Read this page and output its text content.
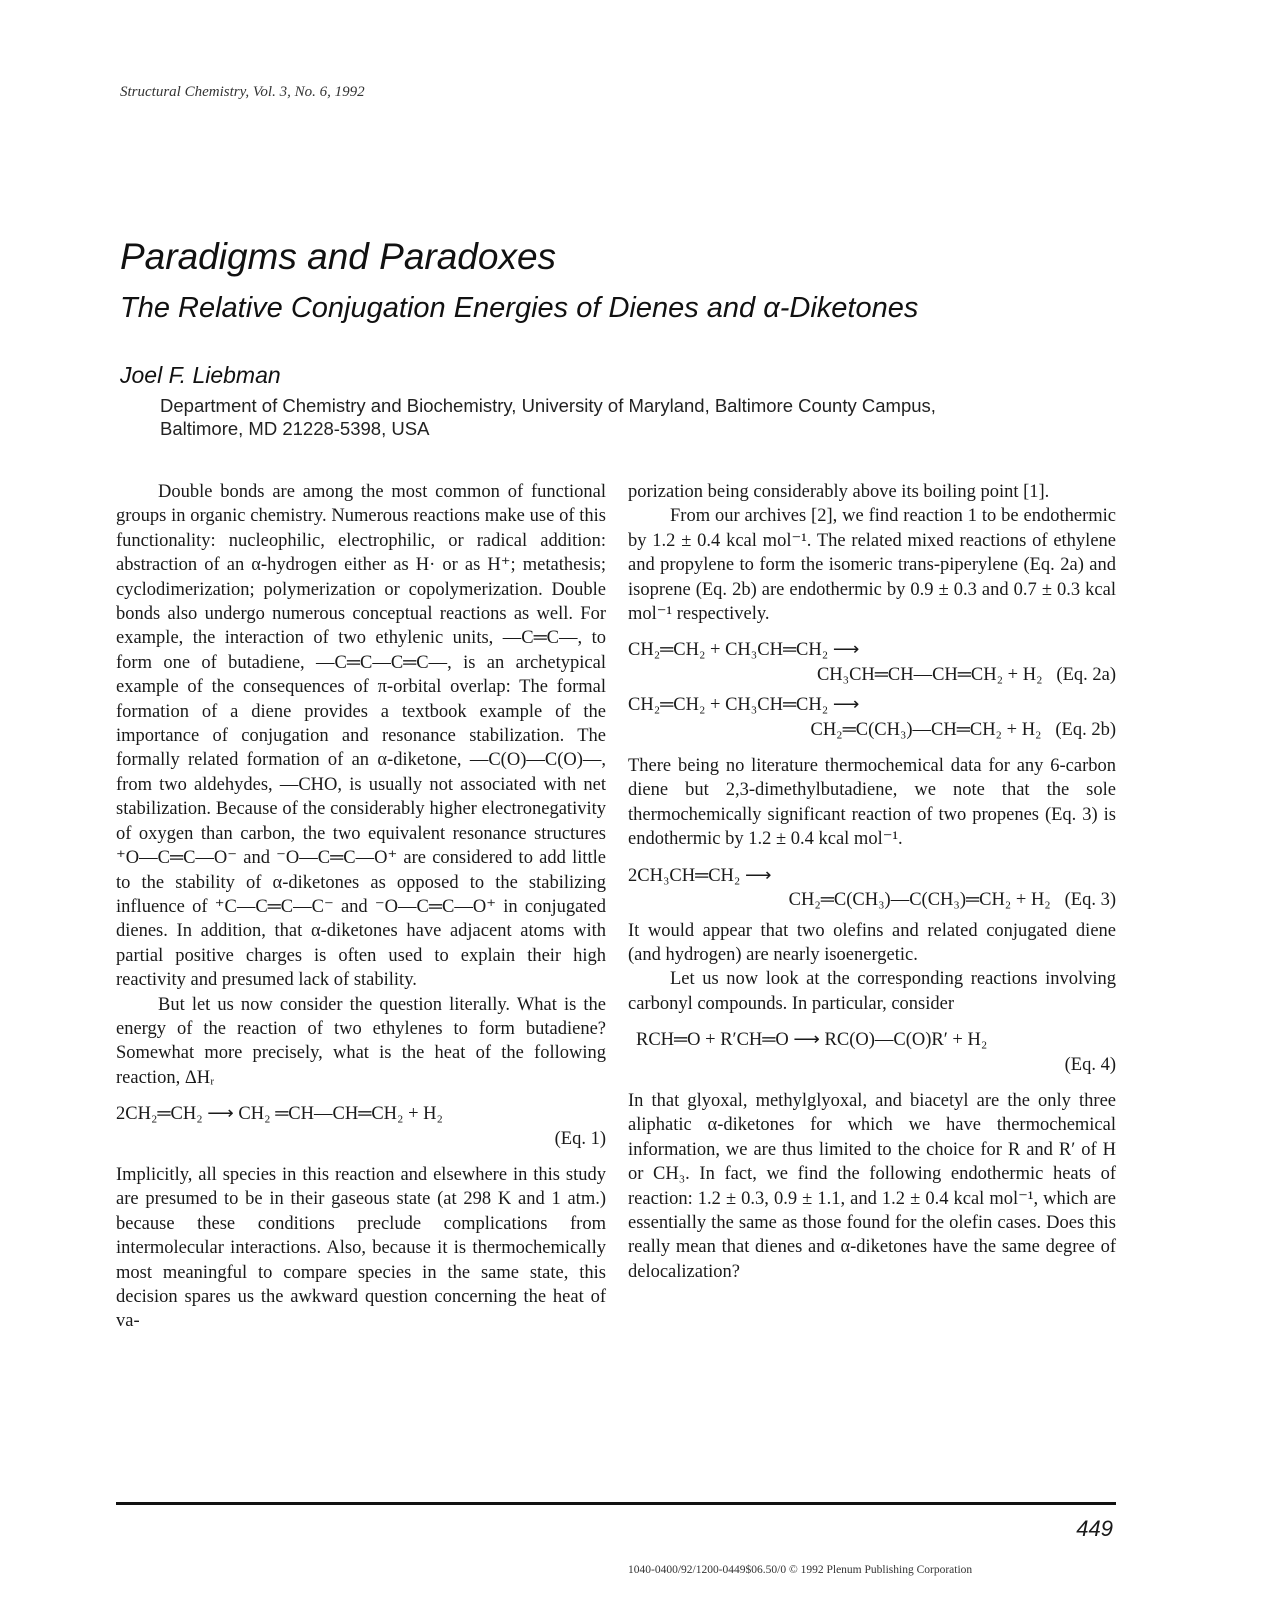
Structural Chemistry, Vol. 3, No. 6, 1992
Paradigms and Paradoxes
The Relative Conjugation Energies of Dienes and α-Diketones
Joel F. Liebman
Department of Chemistry and Biochemistry, University of Maryland, Baltimore County Campus,
Baltimore, MD 21228-5398, USA

Double bonds are among the most common of functional groups in organic chemistry. Numerous reactions make use of this functionality: nucleophilic, electrophilic, or radical addition: abstraction of an α-hydrogen either as H· or as H⁺; metathesis; cyclodimerization; polymerization or copolymerization. Double bonds also undergo numerous conceptual reactions as well. For example, the interaction of two ethylenic units, —C═C—, to form one of butadiene, —C═C—C═C—, is an archetypical example of the consequences of π-orbital overlap: The formal formation of a diene provides a textbook example of the importance of conjugation and resonance stabilization. The formally related formation of an α-diketone, —C(O)—C(O)—, from two aldehydes, —CHO, is usually not associated with net stabilization. Because of the considerably higher electronegativity of oxygen than carbon, the two equivalent resonance structures ⁺O—C═C—O⁻ and ⁻O—C═C—O⁺ are considered to add little to the stability of α-diketones as opposed to the stabilizing influence of ⁺C—C═C—C⁻ and ⁻O—C═C—O⁺ in conjugated dienes. In addition, that α-diketones have adjacent atoms with partial positive charges is often used to explain their high reactivity and presumed lack of stability.

But let us now consider the question literally. What is the energy of the reaction of two ethylenes to form butadiene? Somewhat more precisely, what is the heat of the following reaction, ΔHᵣ

2CH₂═CH₂ ⟶ CH₂ ═CH—CH═CH₂ + H₂
(Eq. 1)

Implicitly, all species in this reaction and elsewhere in this study are presumed to be in their gaseous state (at 298 K and 1 atm.) because these conditions preclude complications from intermolecular interactions. Also, because it is thermochemically most meaningful to compare species in the same state, this decision spares us the awkward question concerning the heat of va-

porization being considerably above its boiling point [1].

From our archives [2], we find reaction 1 to be endothermic by 1.2 ± 0.4 kcal mol⁻¹. The related mixed reactions of ethylene and propylene to form the isomeric trans-piperylene (Eq. 2a) and isoprene (Eq. 2b) are endothermic by 0.9 ± 0.3 and 0.7 ± 0.3 kcal mol⁻¹ respectively.

CH₂═CH₂ + CH₃CH═CH₂ ⟶
CH₃CH═CH—CH═CH₂ + H₂   (Eq. 2a)
CH₂═CH₂ + CH₃CH═CH₂ ⟶
CH₂═C(CH₃)—CH═CH₂ + H₂   (Eq. 2b)

There being no literature thermochemical data for any 6-carbon diene but 2,3-dimethylbutadiene, we note that the sole thermochemically significant reaction of two propenes (Eq. 3) is endothermic by 1.2 ± 0.4 kcal mol⁻¹.

2CH₃CH═CH₂ ⟶
CH₂═C(CH₃)—C(CH₃)═CH₂ + H₂   (Eq. 3)

It would appear that two olefins and related conjugated diene (and hydrogen) are nearly isoenergetic.

Let us now look at the corresponding reactions involving carbonyl compounds. In particular, consider

RCH═O + R′CH═O ⟶ RC(O)—C(O)R′ + H₂
(Eq. 4)

In that glyoxal, methylglyoxal, and biacetyl are the only three aliphatic α-diketones for which we have thermochemical information, we are thus limited to the choice for R and R′ of H or CH₃. In fact, we find the following endothermic heats of reaction: 1.2 ± 0.3, 0.9 ± 1.1, and 1.2 ± 0.4 kcal mol⁻¹, which are essentially the same as those found for the olefin cases. Does this really mean that dienes and α-diketones have the same degree of delocalization?

449
1040-0400/92/1200-0449$06.50/0 © 1992 Plenum Publishing Corporation
